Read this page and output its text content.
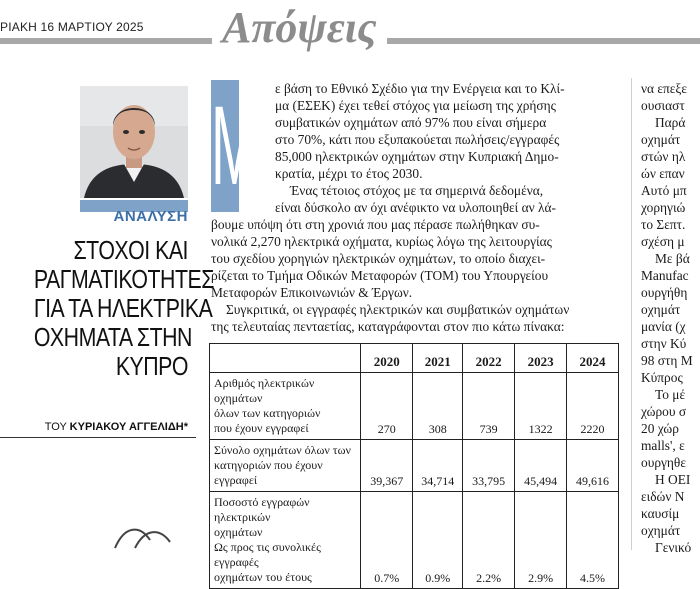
ΡΙΑΚΗ 16 ΜΑΡΤΙΟΥ 2025 Απόψεις
ΑΝΑΛΥΣΗ
ΣΤΟΧΟΙ ΚΑΙ
ΡΑΓΜΑΤΙΚΟΤΗΤΕΣ
ΓΙΑ ΤΑ ΗΛΕΚΤΡΙΚΑ
ΟΧΗΜΑΤΑ ΣΤΗΝ
ΚΥΠΡΟ
ΤΟΥ ΚΥΡΙΑΚΟΥ ΑΓΓΕΛΙΔΗ*
Μ ε βάση το Εθνικό Σχέδιο για την Ενέργεια και το Κλί-
μα (ΕΣΕΚ) έχει τεθεί στόχος για μείωση της χρήσης
συμβατικών οχημάτων από 97% που είναι σήμερα
στο 70%, κάτι που εξυπακούεται πωλήσεις/εγγραφές
85,000 ηλεκτρικών οχημάτων στην Κυπριακή Δημο-
κρατία, μέχρι το έτος 2030.
Ένας τέτοιος στόχος με τα σημερινά δεδομένα,
είναι δύσκολο αν όχι ανέφικτο να υλοποιηθεί αν λά-
βουμε υπόψη ότι στη χρονιά που μας πέρασε πωλήθηκαν συ-
νολικά 2,270 ηλεκτρικά οχήματα, κυρίως λόγω της λειτουργίας
του σχεδίου χορηγιών ηλεκτρικών οχημάτων, το οποίο διαχει-
ρίζεται το Τμήμα Οδικών Μεταφορών (ΤΟΜ) του Υπουργείου
Μεταφορών Επικοινωνιών & Έργων.
Συγκριτικά, οι εγγραφές ηλεκτρικών και συμβατικών οχημάτων
της τελευταίας πενταετίας, καταγράφονται στον πιο κάτω πίνακα:
	2020	2021	2022	2023	2024

Αριθμός ηλεκτρικών οχημάτων
όλων των κατηγοριών
που έχουν εγγραφεί	270	308	739	1322	2220

Σύνολο οχημάτων όλων των
κατηγοριών που έχουν εγγραφεί	39,367	34,714	33,795	45,494	49,616

Ποσοστό εγγραφών ηλεκτρικών
οχημάτων
Ως προς τις συνολικές εγγραφές
οχημάτων του έτους	0.7%	0.9%	2.2%	2.9%	4.5%
να επεξε
ουσιαστ
Παρά
οχημάτ
στών ηλ
ών επαν
Αυτό μπ
χορηγιώ
το Σεπτ.
σχέση μ
Με βά
Manufac
ουργήθη
οχημάτ
μανία (χ
στην Κύ
98 στη Μ
Κύπρος
Το μέ
χώρου σ
20 χώρ
malls', ε
ουργηθε
Η ΟΕΙ
ειδών Ν
καυσίμ
οχημάτ
Γενικό
